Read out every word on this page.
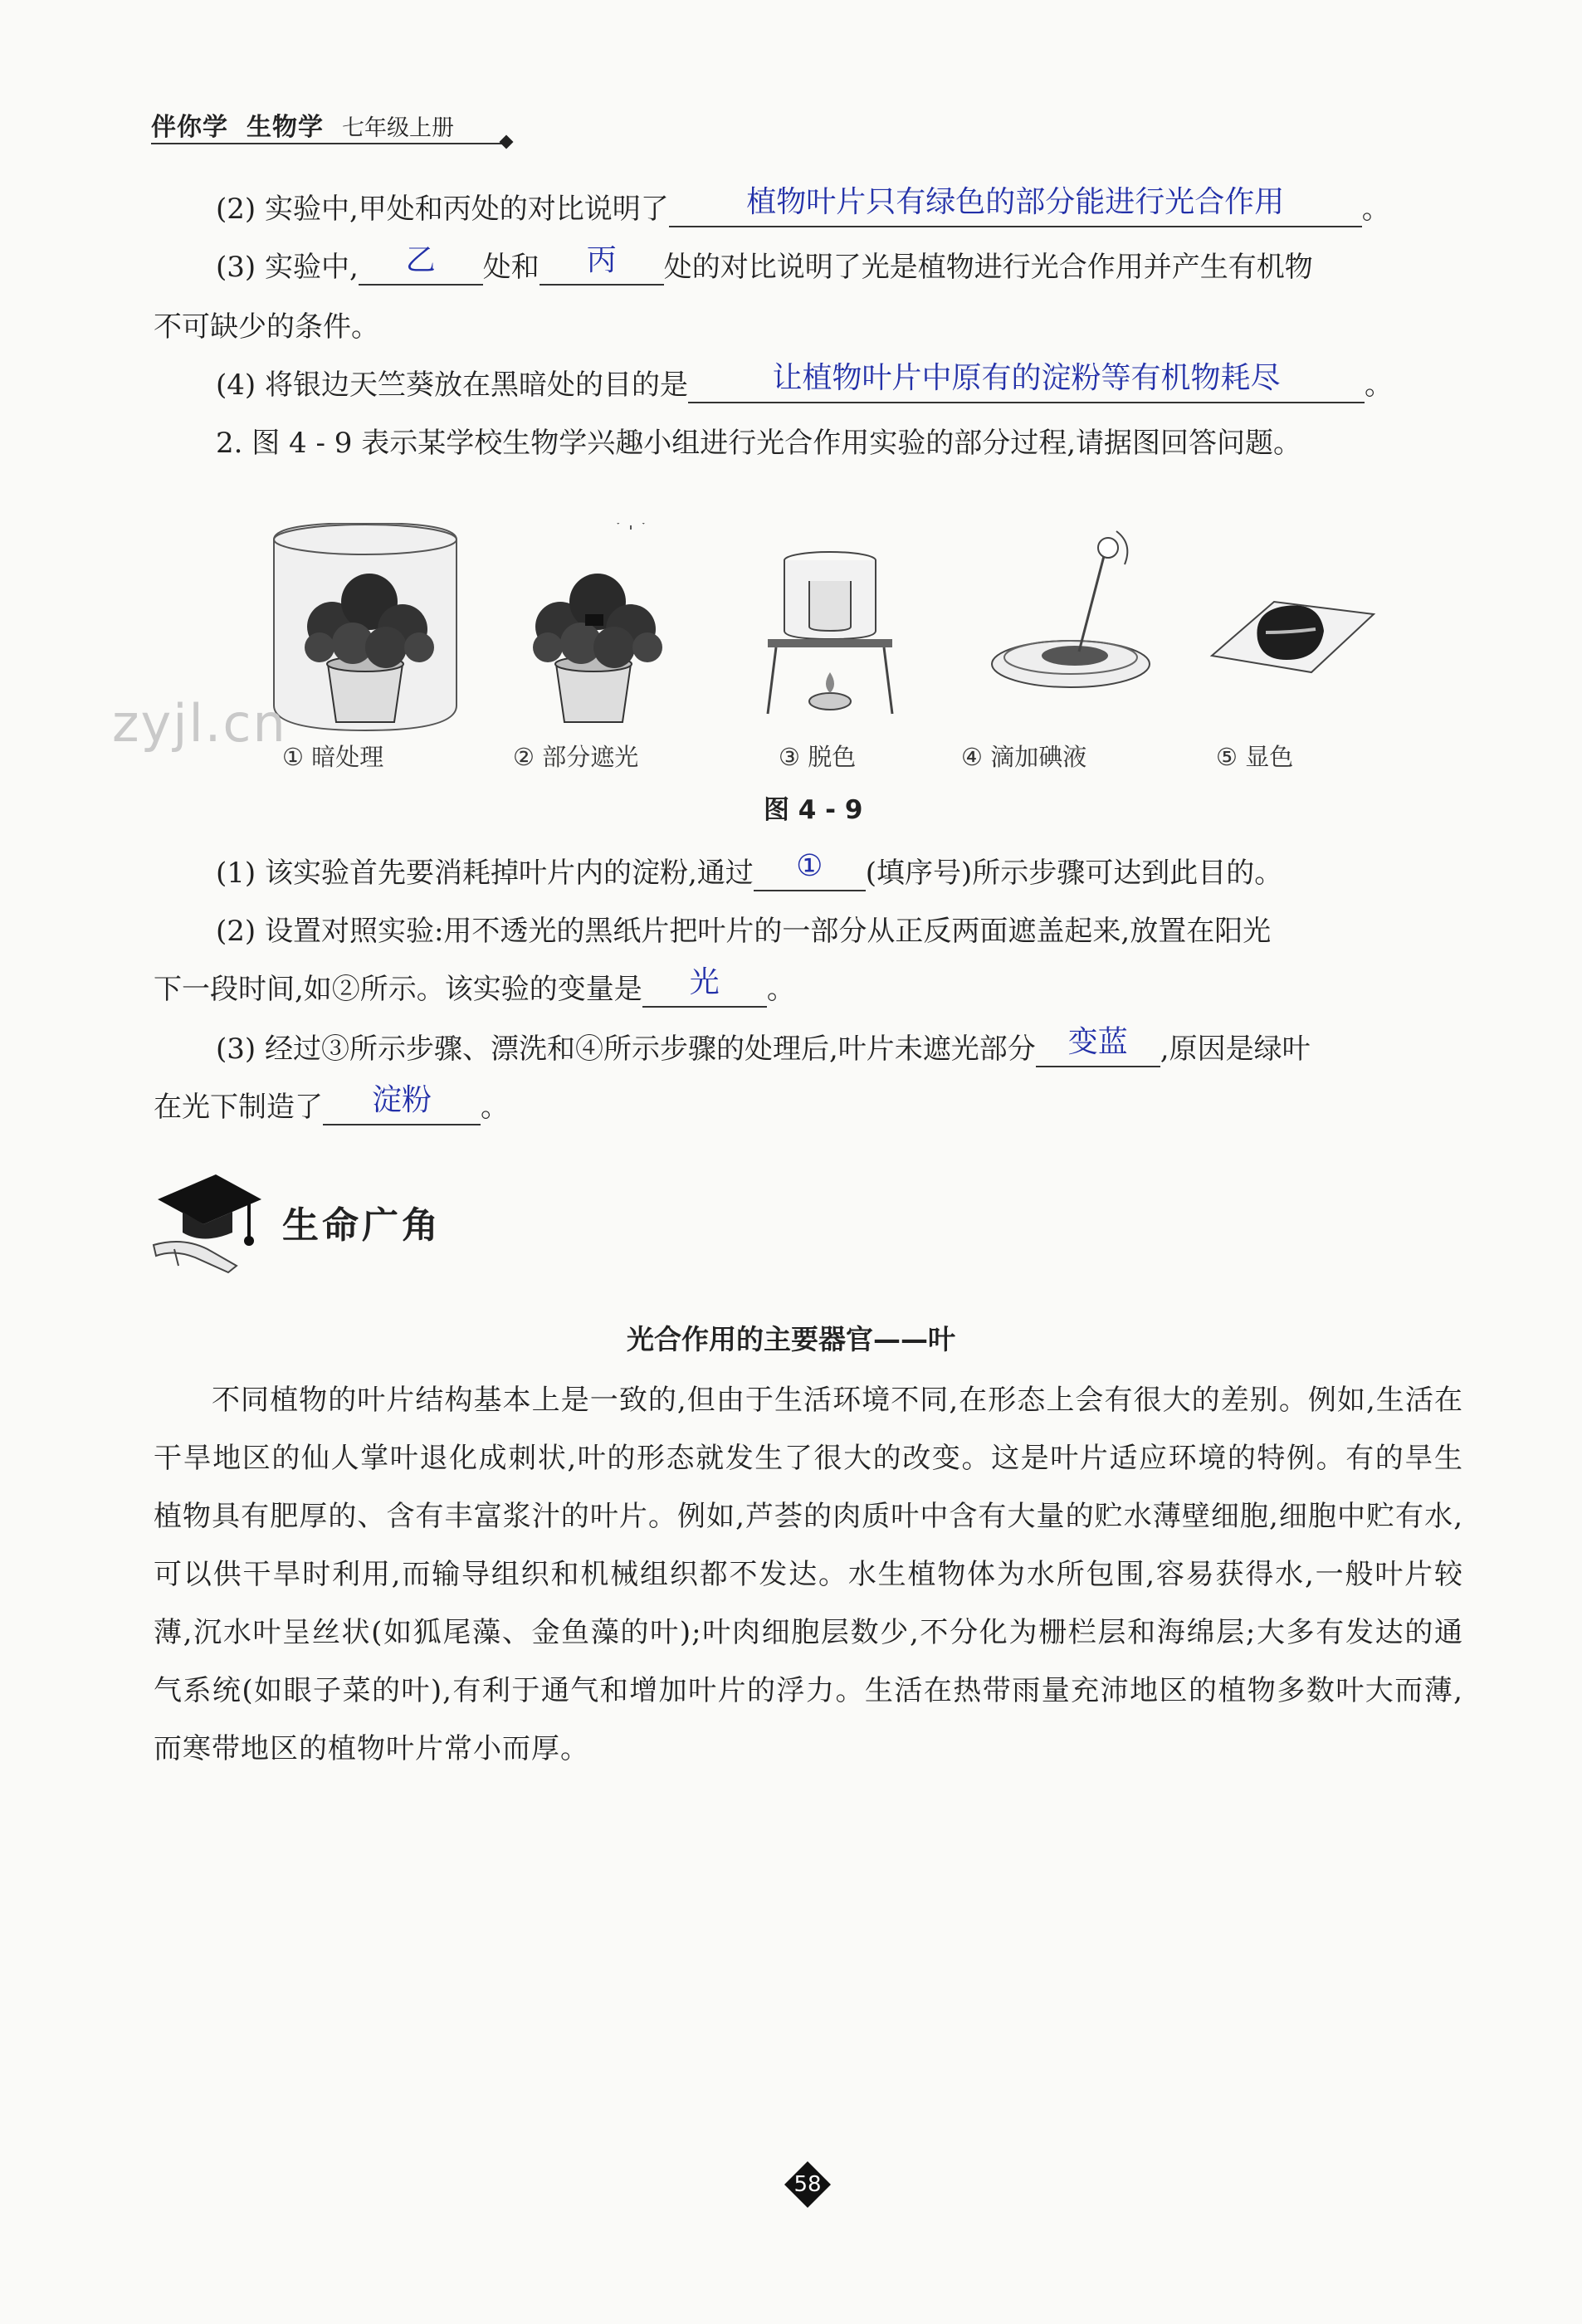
伴你学 生物学 七年级上册
(2) 实验中,甲处和丙处的对比说明了	植物叶片只有绿色的部分能进行光合作用	。
(3) 实验中,	乙	处和	丙	处的对比说明了光是植物进行光合作用并产生有机物
不可缺少的条件。
(4) 将银边天竺葵放在黑暗处的目的是	让植物叶片中原有的淀粉等有机物耗尽	。
2. 图 4 - 9 表示某学校生物学兴趣小组进行光合作用实验的部分过程,请据图回答问题。
zyjl.cn
① 暗处理	② 部分遮光	③ 脱色	④ 滴加碘液	⑤ 显色
图 4 - 9
(1) 该实验首先要消耗掉叶片内的淀粉,通过	①	(填序号)所示步骤可达到此目的。
(2) 设置对照实验:用不透光的黑纸片把叶片的一部分从正反两面遮盖起来,放置在阳光
下一段时间,如②所示。该实验的变量是	光	。
(3) 经过③所示步骤、漂洗和④所示步骤的处理后,叶片未遮光部分	变蓝	,原因是绿叶
在光下制造了	淀粉	。
生命广角
光合作用的主要器官——叶
不同植物的叶片结构基本上是一致的,但由于生活环境不同,在形态上会有很大的差别。例如,生活在干旱地区的仙人掌叶退化成刺状,叶的形态就发生了很大的改变。这是叶片适应环境的特例。有的旱生植物具有肥厚的、含有丰富浆汁的叶片。例如,芦荟的肉质叶中含有大量的贮水薄壁细胞,细胞中贮有水,可以供干旱时利用,而输导组织和机械组织都不发达。水生植物体为水所包围,容易获得水,一般叶片较薄,沉水叶呈丝状(如狐尾藻、金鱼藻的叶);叶肉细胞层数少,不分化为栅栏层和海绵层;大多有发达的通气系统(如眼子菜的叶),有利于通气和增加叶片的浮力。生活在热带雨量充沛地区的植物多数叶大而薄,而寒带地区的植物叶片常小而厚。
58
